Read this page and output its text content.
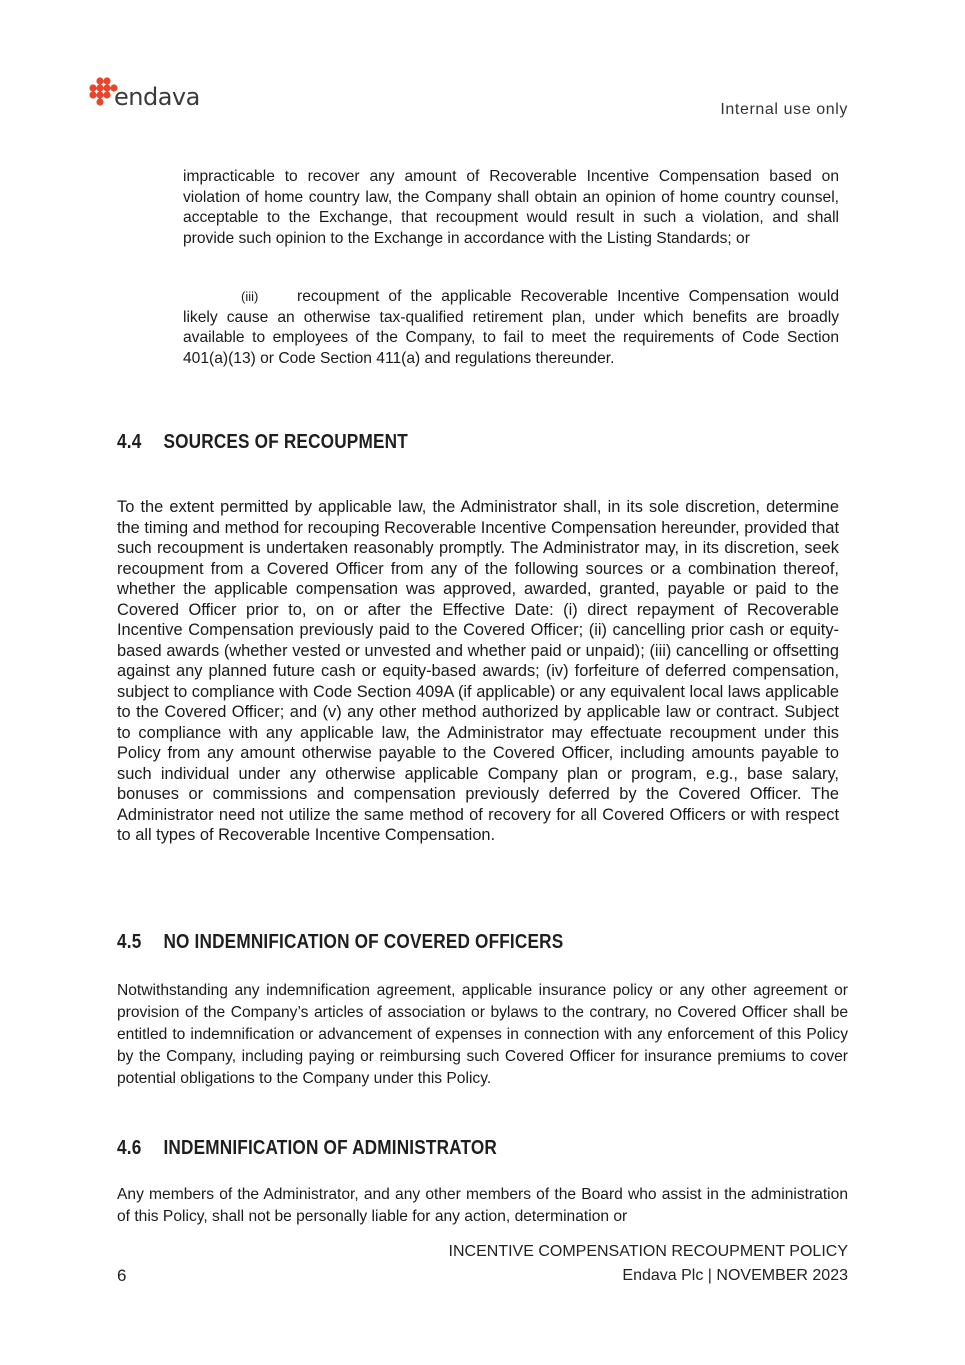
endava	Internal use only

impracticable to recover any amount of Recoverable Incentive Compensation based on violation of home country law, the Company shall obtain an opinion of home country counsel, acceptable to the Exchange, that recoupment would result in such a violation, and shall provide such opinion to the Exchange in accordance with the Listing Standards; or

(iii) recoupment of the applicable Recoverable Incentive Compensation would likely cause an otherwise tax-qualified retirement plan, under which benefits are broadly available to employees of the Company, to fail to meet the requirements of Code Section 401(a)(13) or Code Section 411(a) and regulations thereunder.

4.4 SOURCES OF RECOUPMENT

To the extent permitted by applicable law, the Administrator shall, in its sole discretion, determine the timing and method for recouping Recoverable Incentive Compensation hereunder, provided that such recoupment is undertaken reasonably promptly. The Administrator may, in its discretion, seek recoupment from a Covered Officer from any of the following sources or a combination thereof, whether the applicable compensation was approved, awarded, granted, payable or paid to the Covered Officer prior to, on or after the Effective Date: (i) direct repayment of Recoverable Incentive Compensation previously paid to the Covered Officer; (ii) cancelling prior cash or equity-based awards (whether vested or unvested and whether paid or unpaid); (iii) cancelling or offsetting against any planned future cash or equity-based awards; (iv) forfeiture of deferred compensation, subject to compliance with Code Section 409A (if applicable) or any equivalent local laws applicable to the Covered Officer; and (v) any other method authorized by applicable law or contract. Subject to compliance with any applicable law, the Administrator may effectuate recoupment under this Policy from any amount otherwise payable to the Covered Officer, including amounts payable to such individual under any otherwise applicable Company plan or program, e.g., base salary, bonuses or commissions and compensation previously deferred by the Covered Officer. The Administrator need not utilize the same method of recovery for all Covered Officers or with respect to all types of Recoverable Incentive Compensation.

4.5 NO INDEMNIFICATION OF COVERED OFFICERS

Notwithstanding any indemnification agreement, applicable insurance policy or any other agreement or provision of the Company’s articles of association or bylaws to the contrary, no Covered Officer shall be entitled to indemnification or advancement of expenses in connection with any enforcement of this Policy by the Company, including paying or reimbursing such Covered Officer for insurance premiums to cover potential obligations to the Company under this Policy.

4.6 INDEMNIFICATION OF ADMINISTRATOR

Any members of the Administrator, and any other members of the Board who assist in the administration of this Policy, shall not be personally liable for any action, determination or

INCENTIVE COMPENSATION RECOUPMENT POLICY
Endava Plc | NOVEMBER 2023
6
